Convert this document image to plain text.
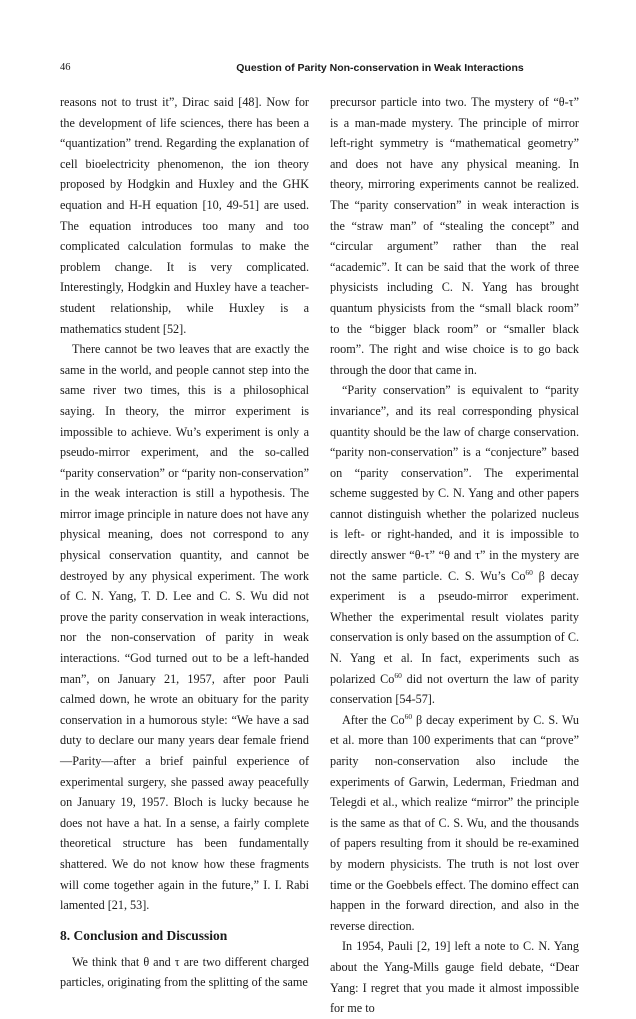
46	Question of Parity Non-conservation in Weak Interactions

reasons not to trust it”, Dirac said [48]. Now for the development of life sciences, there has been a “quantization” trend. Regarding the explanation of cell bioelectricity phenomenon, the ion theory proposed by Hodgkin and Huxley and the GHK equation and H-H equation [10, 49-51] are used. The equation introduces too many and too complicated calculation formulas to make the problem change. It is very complicated. Interestingly, Hodgkin and Huxley have a teacher-student relationship, while Huxley is a mathematics student [52].

There cannot be two leaves that are exactly the same in the world, and people cannot step into the same river two times, this is a philosophical saying. In theory, the mirror experiment is impossible to achieve. Wu’s experiment is only a pseudo-mirror experiment, and the so-called “parity conservation” or “parity non-conservation” in the weak interaction is still a hypothesis. The mirror image principle in nature does not have any physical meaning, does not correspond to any physical conservation quantity, and cannot be destroyed by any physical experiment. The work of C. N. Yang, T. D. Lee and C. S. Wu did not prove the parity conservation in weak interactions, nor the non-conservation of parity in weak interactions. “God turned out to be a left-handed man”, on January 21, 1957, after poor Pauli calmed down, he wrote an obituary for the parity conservation in a humorous style: “We have a sad duty to declare our many years dear female friend—Parity—after a brief painful experience of experimental surgery, she passed away peacefully on January 19, 1957. Bloch is lucky because he does not have a hat. In a sense, a fairly complete theoretical structure has been fundamentally shattered. We do not know how these fragments will come together again in the future,” I. I. Rabi lamented [21, 53].

8. Conclusion and Discussion

We think that θ and τ are two different charged particles, originating from the splitting of the same

precursor particle into two. The mystery of “θ-τ” is a man-made mystery. The principle of mirror left-right symmetry is “mathematical geometry” and does not have any physical meaning. In theory, mirroring experiments cannot be realized. The “parity conservation” in weak interaction is the “straw man” of “stealing the concept” and “circular argument” rather than the real “academic”. It can be said that the work of three physicists including C. N. Yang has brought quantum physicists from the “small black room” to the “bigger black room” or “smaller black room”. The right and wise choice is to go back through the door that came in.

“Parity conservation” is equivalent to “parity invariance”, and its real corresponding physical quantity should be the law of charge conservation. “parity non-conservation” is a “conjecture” based on “parity conservation”. The experimental scheme suggested by C. N. Yang and other papers cannot distinguish whether the polarized nucleus is left- or right-handed, and it is impossible to directly answer “θ-τ” “θ and τ” in the mystery are not the same particle. C. S. Wu’s Co$^{60}$ β decay experiment is a pseudo-mirror experiment. Whether the experimental result violates parity conservation is only based on the assumption of C. N. Yang et al. In fact, experiments such as polarized Co$^{60}$ did not overturn the law of parity conservation [54-57].

After the Co$^{60}$ β decay experiment by C. S. Wu et al. more than 100 experiments that can “prove” parity non-conservation also include the experiments of Garwin, Lederman, Friedman and Telegdi et al., which realize “mirror” the principle is the same as that of C. S. Wu, and the thousands of papers resulting from it should be re-examined by modern physicists. The truth is not lost over time or the Goebbels effect. The domino effect can happen in the forward direction, and also in the reverse direction.

In 1954, Pauli [2, 19] left a note to C. N. Yang about the Yang-Mills gauge field debate, “Dear Yang: I regret that you made it almost impossible for me to
